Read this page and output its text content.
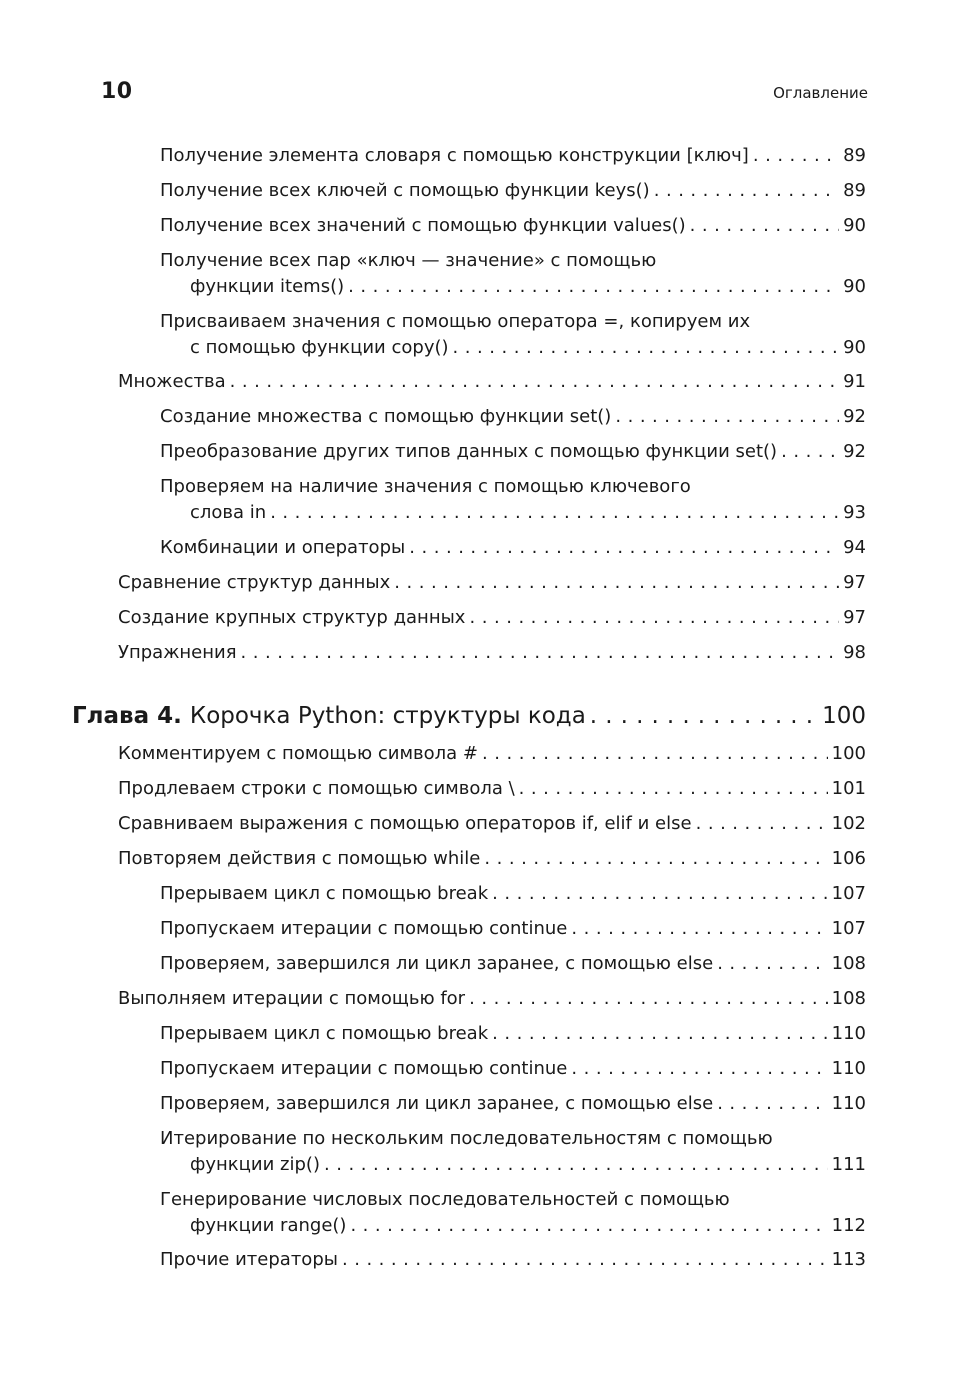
10	Оглавление
Получение элемента словаря с помощью конструкции [ключ] . . .	89
Получение всех ключей с помощью функции keys() . . .	89
Получение всех значений с помощью функции values() . . .	90
Получение всех пар «ключ — значение» с помощью
функции items() . . .	90
Присваиваем значения с помощью оператора =, копируем их
с помощью функции copy() . . .	90
Множества . . .	91
Создание множества с помощью функции set() . . .	92
Преобразование других типов данных с помощью функции set() . . .	92
Проверяем на наличие значения с помощью ключевого
слова in . . .	93
Комбинации и операторы . . .	94
Сравнение структур данных . . .	97
Создание крупных структур данных . . .	97
Упражнения . . .	98
Глава 4. Корочка Python: структуры кода . . .	100
Комментируем с помощью символа # . . .	100
Продлеваем строки с помощью символа \ . . .	101
Сравниваем выражения с помощью операторов if, elif и else . . .	102
Повторяем действия с помощью while . . .	106
Прерываем цикл с помощью break . . .	107
Пропускаем итерации с помощью continue . . .	107
Проверяем, завершился ли цикл заранее, с помощью else . . .	108
Выполняем итерации с помощью for . . .	108
Прерываем цикл с помощью break . . .	110
Пропускаем итерации с помощью continue . . .	110
Проверяем, завершился ли цикл заранее, с помощью else . . .	110
Итерирование по нескольким последовательностям с помощью
функции zip() . . .	111
Генерирование числовых последовательностей с помощью
функции range() . . .	112
Прочие итераторы . . .	113
